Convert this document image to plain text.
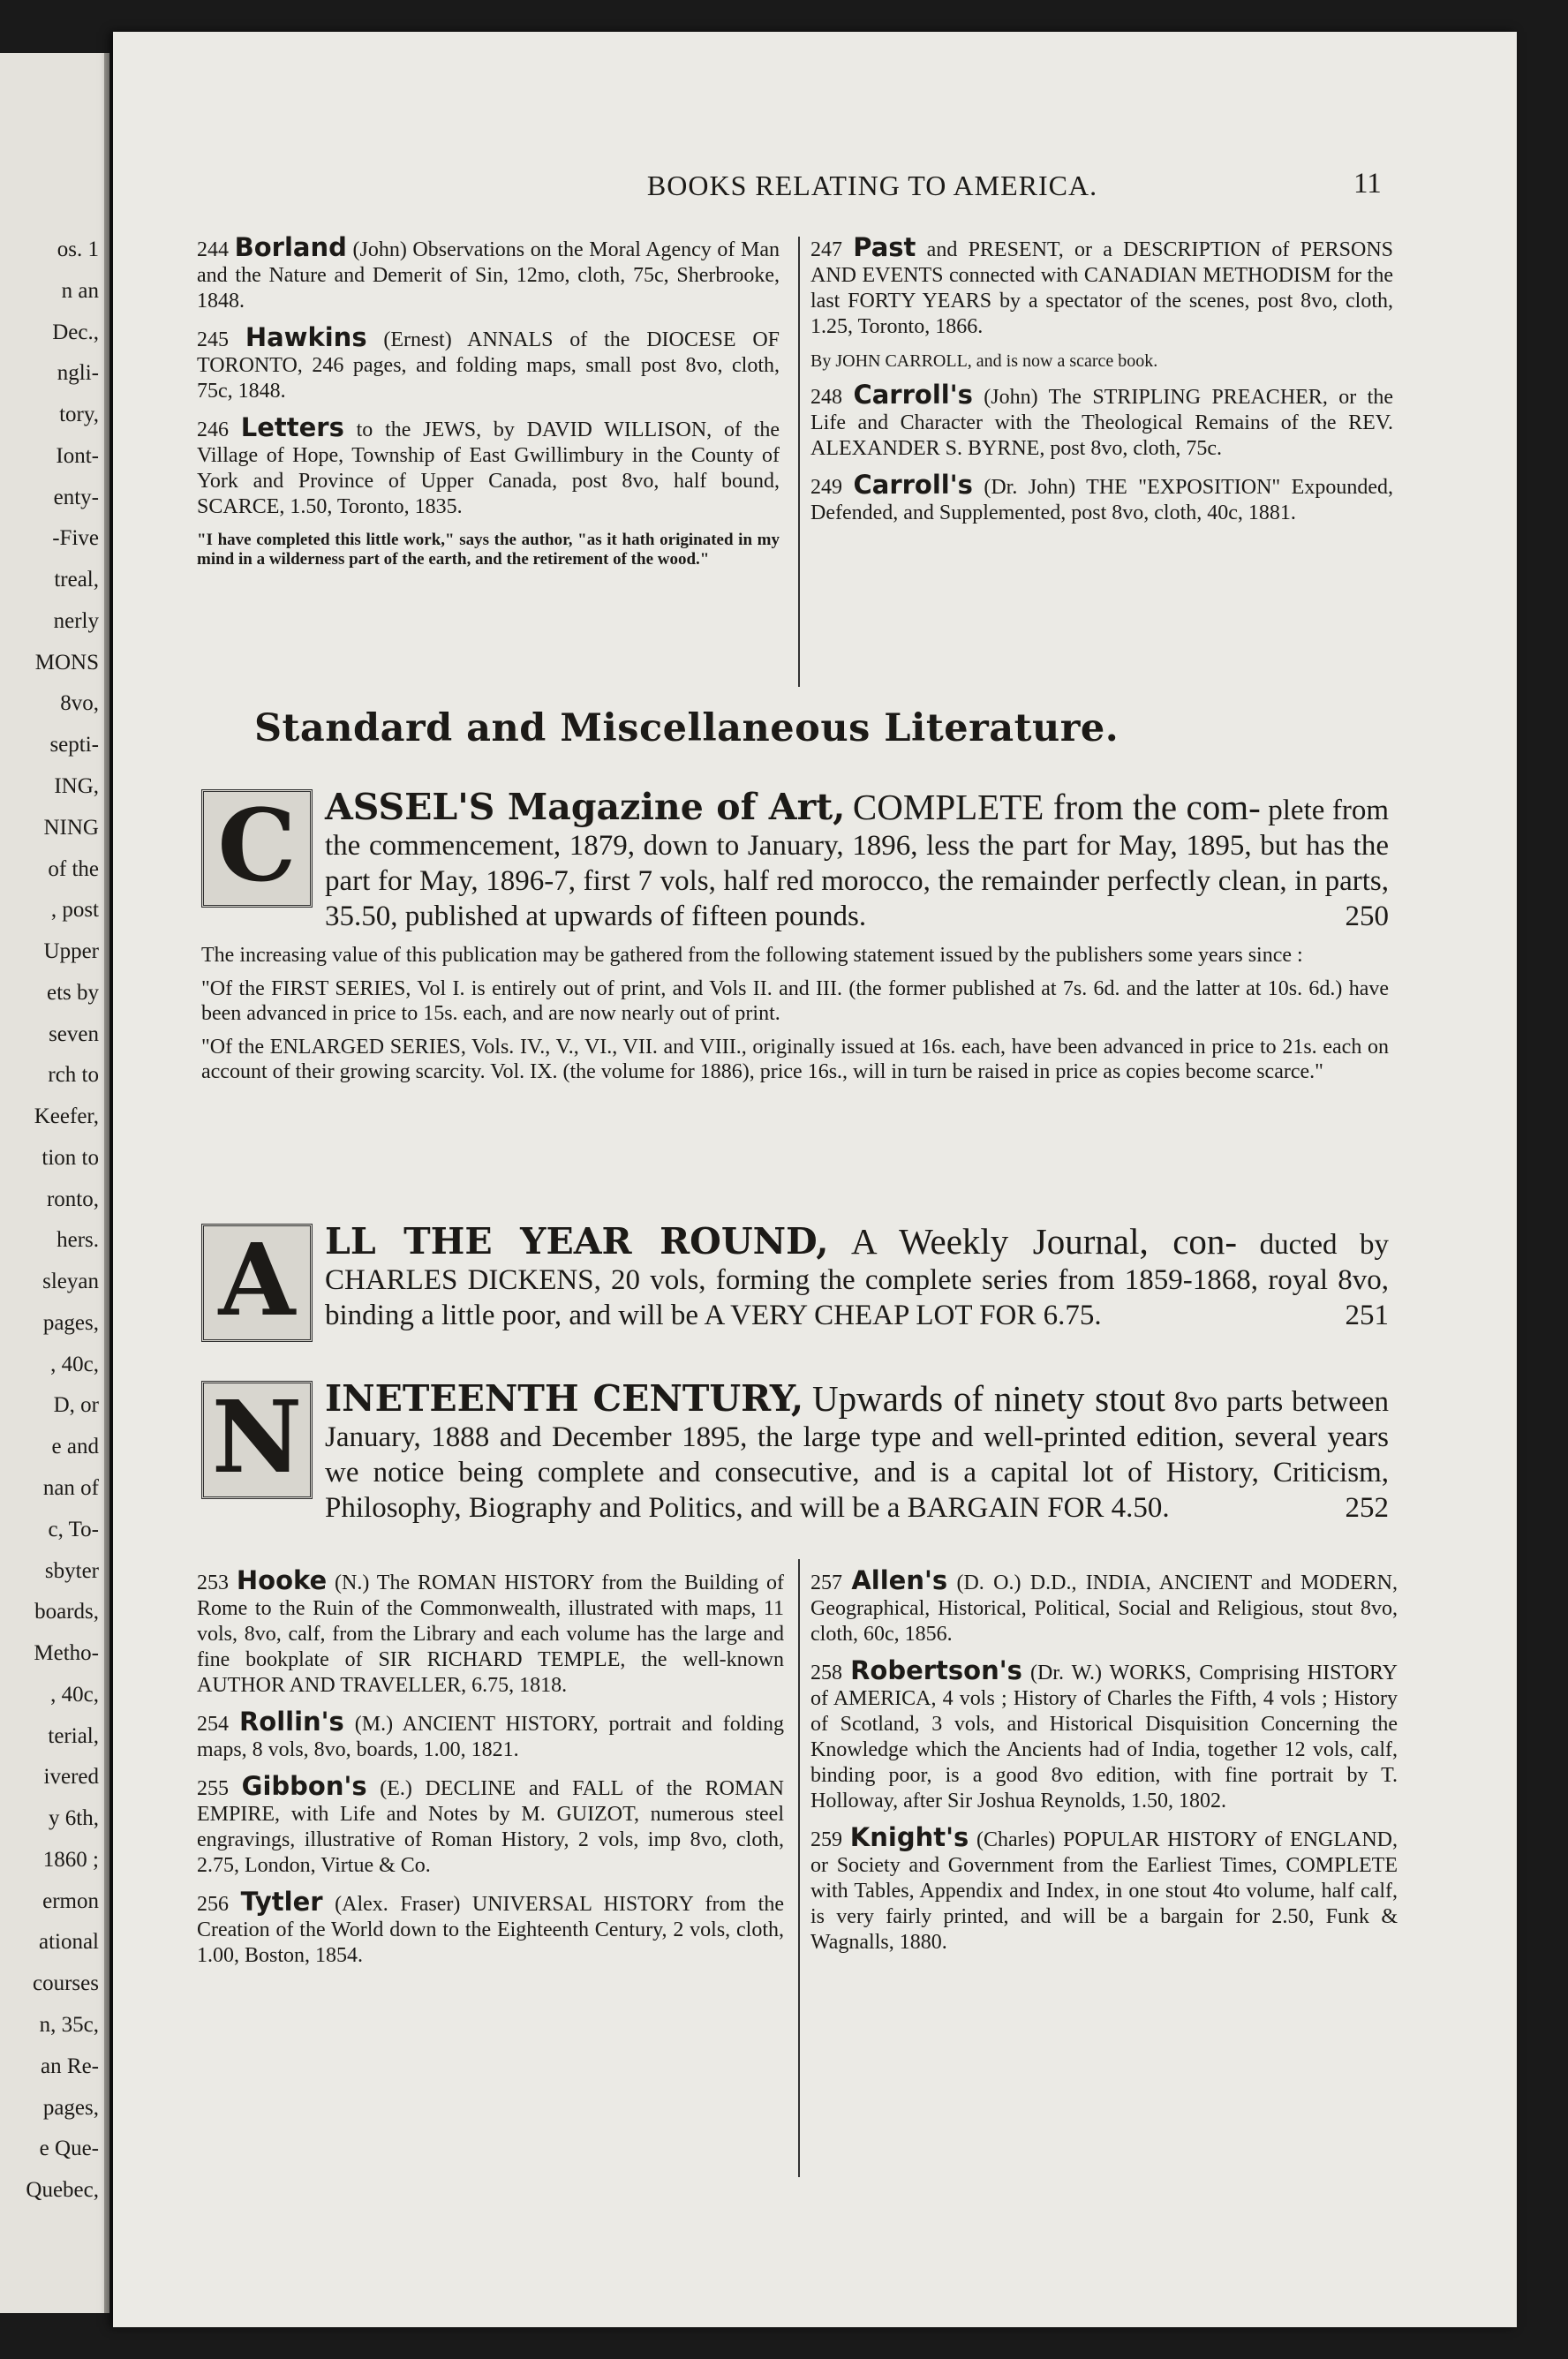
os. 1
n an
Dec.,
ngli-
tory,
Iont-
enty-
-Five
treal,
nerly
MONS
8vo,
septi-
ING,
NING
of the
, post
Upper
ets by
seven
rch to
Keefer,
tion to
ronto,
hers.
sleyan
pages,
, 40c,
D, or
e and
nan of
c, To-
sbyter
boards,
Metho-
, 40c,
terial,
ivered
y 6th,
1860 ;
ermon
ational
courses
n, 35c,
an Re-
pages,
e Que-
Quebec,
BOOKS RELATING TO AMERICA.	11
244 Borland (John) Observations on the Moral Agency of Man and the Nature and Demerit of Sin, 12mo, cloth, 75c, Sherbrooke, 1848.
245 Hawkins (Ernest) ANNALS of the DIOCESE OF TORONTO, 246 pages, and folding maps, small post 8vo, cloth, 75c, 1848.
246 Letters to the JEWS, by DAVID WILLISON, of the Village of Hope, Township of East Gwillimbury in the County of York and Province of Upper Canada, post 8vo, half bound, SCARCE, 1.50, Toronto, 1835.
"I have completed this little work," says the author, "as it hath originated in my mind in a wilderness part of the earth, and the retirement of the wood."
247 Past and PRESENT, or a DESCRIPTION of PERSONS AND EVENTS connected with CANADIAN METHODISM for the last FORTY YEARS by a spectator of the scenes, post 8vo, cloth, 1.25, Toronto, 1866.
By JOHN CARROLL, and is now a scarce book.
248 Carroll's (John) The STRIPLING PREACHER, or the Life and Character with the Theological Remains of the REV. ALEXANDER S. BYRNE, post 8vo, cloth, 75c.
249 Carroll's (Dr. John) THE "EXPOSITION" Expounded, Defended, and Supplemented, post 8vo, cloth, 40c, 1881.
Standard and Miscellaneous Literature.
C ASSEL'S Magazine of Art, COMPLETE from the com- plete from the commencement, 1879, down to January, 1896, less the part for May, 1895, but has the part for May, 1896-7, first 7 vols, half red morocco, the remainder perfectly clean, in parts, 35.50, published at upwards of fifteen pounds.	250
The increasing value of this publication may be gathered from the following statement issued by the publishers some years since :
"Of the FIRST SERIES, Vol I. is entirely out of print, and Vols II. and III. (the former published at 7s. 6d. and the latter at 10s. 6d.) have been advanced in price to 15s. each, and are now nearly out of print.
"Of the ENLARGED SERIES, Vols. IV., V., VI., VII. and VIII., originally issued at 16s. each, have been advanced in price to 21s. each on account of their growing scarcity. Vol. IX. (the volume for 1886), price 16s., will in turn be raised in price as copies become scarce."
A LL THE YEAR ROUND, A Weekly Journal, con- ducted by CHARLES DICKENS, 20 vols, forming the complete series from 1859-1868, royal 8vo, binding a little poor, and will be A VERY CHEAP LOT FOR 6.75.	251
N INETEENTH CENTURY, Upwards of ninety stout 8vo parts between January, 1888 and December 1895, the large type and well-printed edition, several years we notice being complete and consecutive, and is a capital lot of History, Criticism, Philosophy, Biography and Politics, and will be a BARGAIN FOR 4.50.	252
253 Hooke (N.) The ROMAN HISTORY from the Building of Rome to the Ruin of the Commonwealth, illustrated with maps, 11 vols, 8vo, calf, from the Library and each volume has the large and fine bookplate of SIR RICHARD TEMPLE, the well-known AUTHOR AND TRAVELLER, 6.75, 1818.
254 Rollin's (M.) ANCIENT HISTORY, portrait and folding maps, 8 vols, 8vo, boards, 1.00, 1821.
255 Gibbon's (E.) DECLINE and FALL of the ROMAN EMPIRE, with Life and Notes by M. GUIZOT, numerous steel engravings, illustrative of Roman History, 2 vols, imp 8vo, cloth, 2.75, London, Virtue & Co.
256 Tytler (Alex. Fraser) UNIVERSAL HISTORY from the Creation of the World down to the Eighteenth Century, 2 vols, cloth, 1.00, Boston, 1854.
257 Allen's (D. O.) D.D., INDIA, ANCIENT and MODERN, Geographical, Historical, Political, Social and Religious, stout 8vo, cloth, 60c, 1856.
258 Robertson's (Dr. W.) WORKS, Comprising HISTORY of AMERICA, 4 vols ; History of Charles the Fifth, 4 vols ; History of Scotland, 3 vols, and Historical Disquisition Concerning the Knowledge which the Ancients had of India, together 12 vols, calf, binding poor, is a good 8vo edition, with fine portrait by T. Holloway, after Sir Joshua Reynolds, 1.50, 1802.
259 Knight's (Charles) POPULAR HISTORY of ENGLAND, or Society and Government from the Earliest Times, COMPLETE with Tables, Appendix and Index, in one stout 4to volume, half calf, is very fairly printed, and will be a bargain for 2.50, Funk & Wagnalls, 1880.
